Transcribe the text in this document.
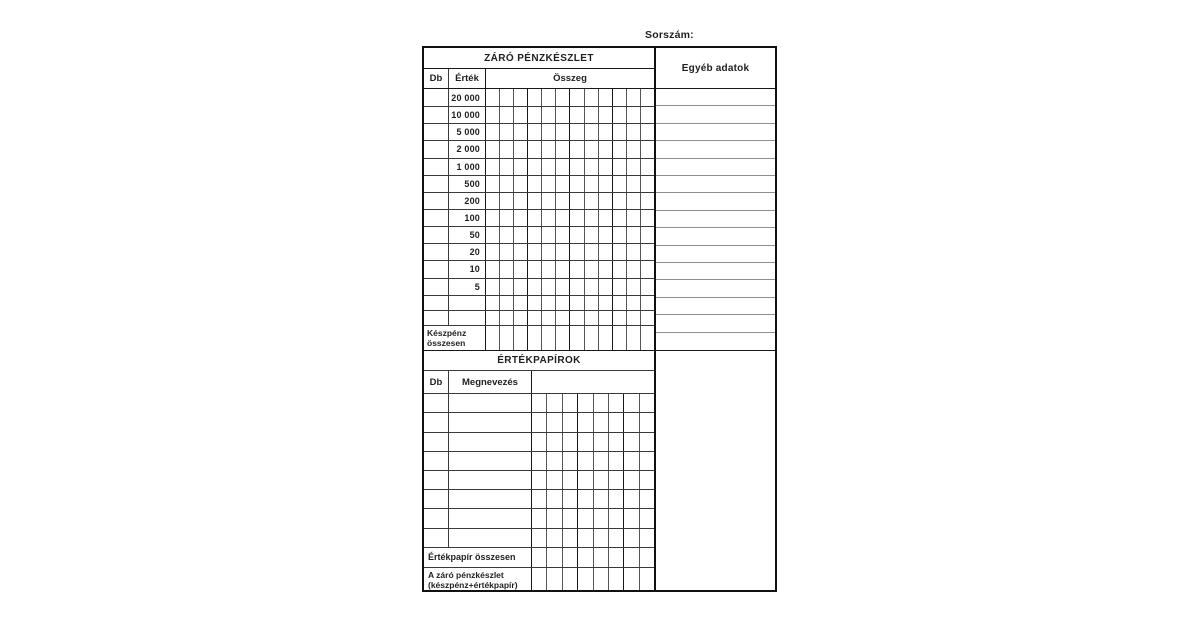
Sorszám:
ZÁRÓ PÉNZKÉSZLET
Db	Érték	Összeg
20 000
10 000
5 000
2 000
1 000
500
200
100
50
20
10
5
Készpénz
összesen
ÉRTÉKPAPÍROK
Db	Megnevezés
Értékpapír összesen
A záró pénzkészlet
(készpénz+értékpapír)
Egyéb adatok
